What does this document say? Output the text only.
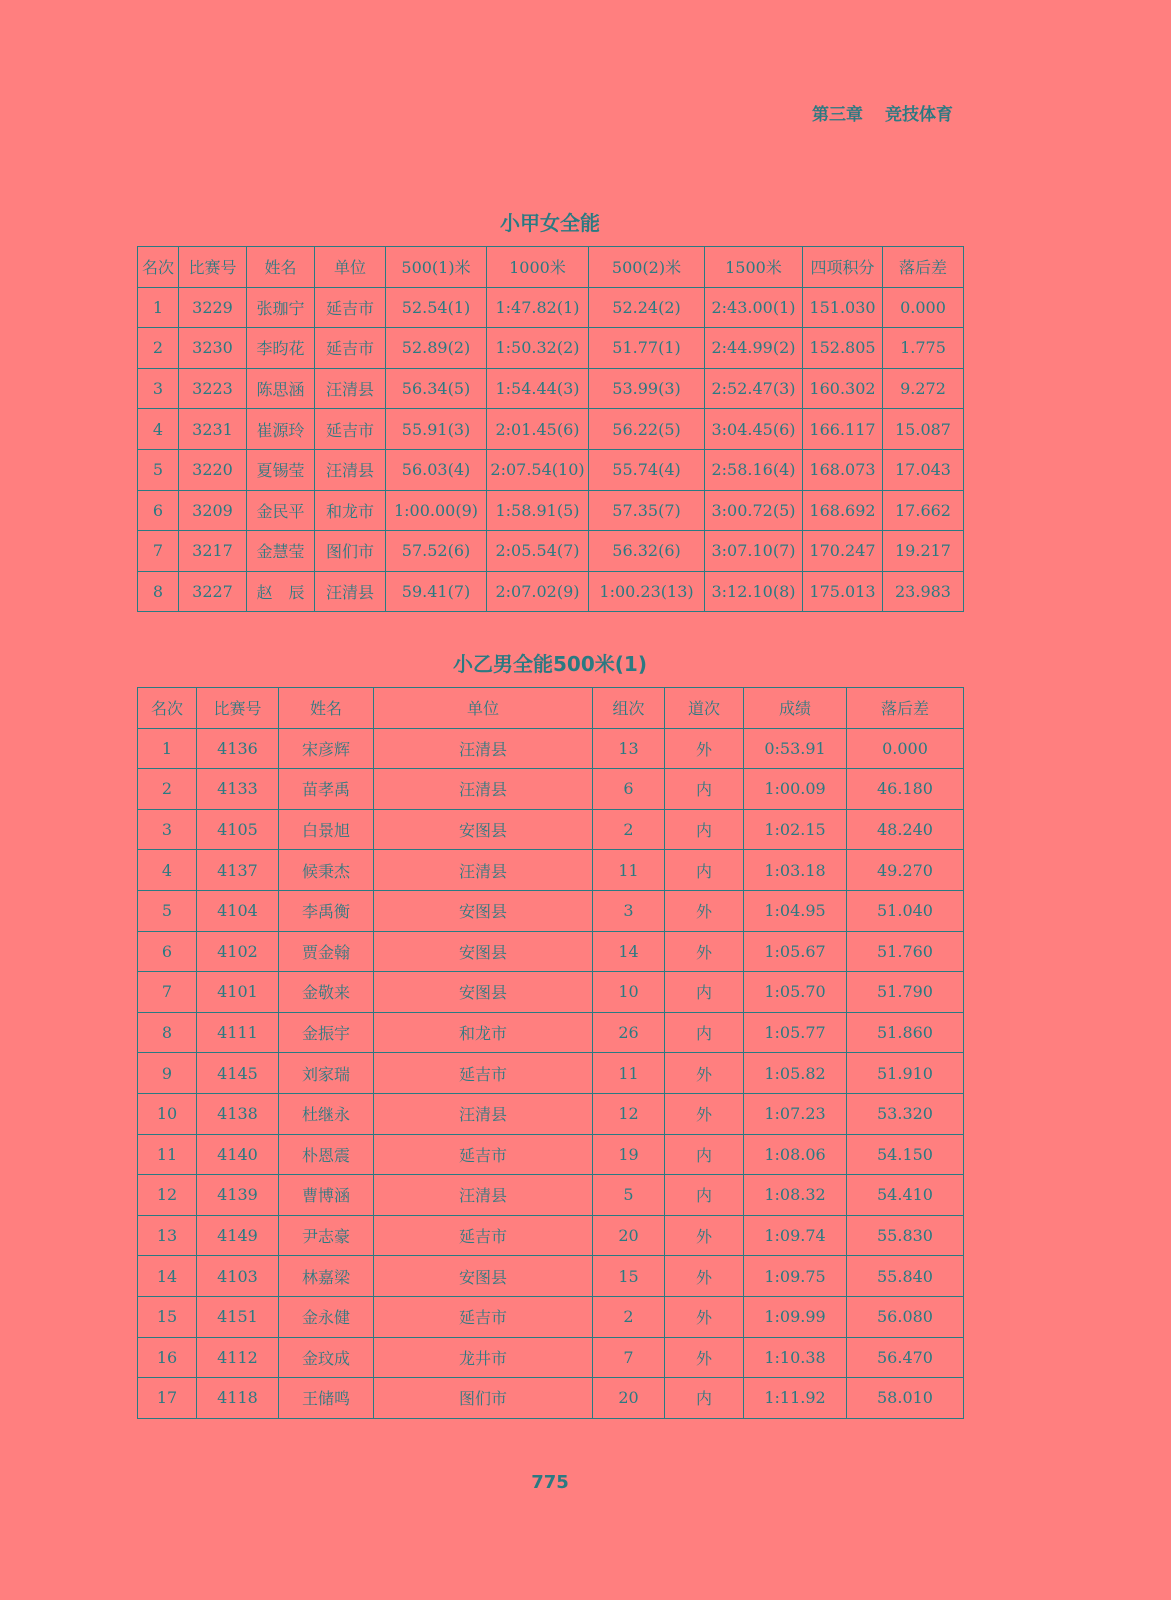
第三章 竞技体育
小甲女全能
名次	比赛号	姓名	单位	500(1)米	1000米	500(2)米	1500米	四项积分	落后差
1	3229	张珈宁	延吉市	52.54(1)	1:47.82(1)	52.24(2)	2:43.00(1)	151.030	0.000
2	3230	李昀花	延吉市	52.89(2)	1:50.32(2)	51.77(1)	2:44.99(2)	152.805	1.775
3	3223	陈思涵	汪清县	56.34(5)	1:54.44(3)	53.99(3)	2:52.47(3)	160.302	9.272
4	3231	崔源玲	延吉市	55.91(3)	2:01.45(6)	56.22(5)	3:04.45(6)	166.117	15.087
5	3220	夏锡莹	汪清县	56.03(4)	2:07.54(10)	55.74(4)	2:58.16(4)	168.073	17.043
6	3209	金民平	和龙市	1:00.00(9)	1:58.91(5)	57.35(7)	3:00.72(5)	168.692	17.662
7	3217	金慧莹	图们市	57.52(6)	2:05.54(7)	56.32(6)	3:07.10(7)	170.247	19.217
8	3227	赵　辰	汪清县	59.41(7)	2:07.02(9)	1:00.23(13)	3:12.10(8)	175.013	23.983
小乙男全能500米(1)
名次	比赛号	姓名	单位	组次	道次	成绩	落后差
1	4136	宋彦辉	汪清县	13	外	0:53.91	0.000
2	4133	苗孝禹	汪清县	6	内	1:00.09	46.180
3	4105	白景旭	安图县	2	内	1:02.15	48.240
4	4137	候秉杰	汪清县	11	内	1:03.18	49.270
5	4104	李禹衡	安图县	3	外	1:04.95	51.040
6	4102	贾金翰	安图县	14	外	1:05.67	51.760
7	4101	金敬来	安图县	10	内	1:05.70	51.790
8	4111	金振宇	和龙市	26	内	1:05.77	51.860
9	4145	刘家瑞	延吉市	11	外	1:05.82	51.910
10	4138	杜继永	汪清县	12	外	1:07.23	53.320
11	4140	朴恩震	延吉市	19	内	1:08.06	54.150
12	4139	曹博涵	汪清县	5	内	1:08.32	54.410
13	4149	尹志豪	延吉市	20	外	1:09.74	55.830
14	4103	林嘉梁	安图县	15	外	1:09.75	55.840
15	4151	金永健	延吉市	2	外	1:09.99	56.080
16	4112	金玟成	龙井市	7	外	1:10.38	56.470
17	4118	王储鸣	图们市	20	内	1:11.92	58.010
775
